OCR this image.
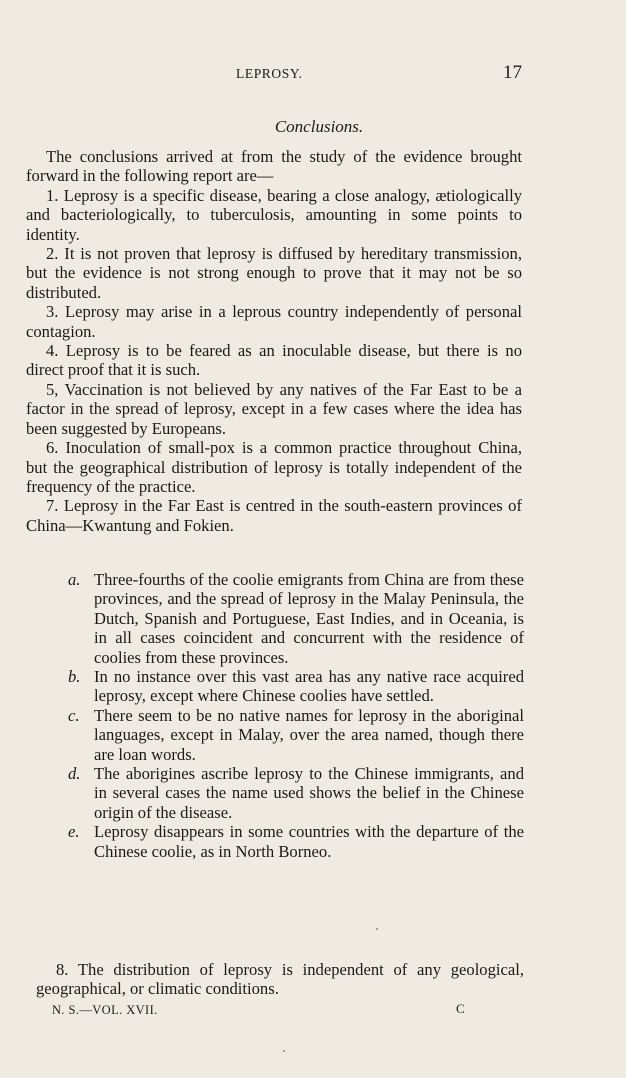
LEPROSY.	17
Conclusions.

The conclusions arrived at from the study of the evidence brought forward in the following report are—

1. Leprosy is a specific disease, bearing a close analogy, ætiologically and bacteriologically, to tuberculosis, amounting in some points to identity.

2. It is not proven that leprosy is diffused by hereditary transmission, but the evidence is not strong enough to prove that it may not be so distributed.

3. Leprosy may arise in a leprous country independently of personal contagion.

4. Leprosy is to be feared as an inoculable disease, but there is no direct proof that it is such.

5, Vaccination is not believed by any natives of the Far East to be a factor in the spread of leprosy, except in a few cases where the idea has been suggested by Europeans.

6. Inoculation of small-pox is a common practice throughout China, but the geographical distribution of leprosy is totally independent of the frequency of the practice.

7. Leprosy in the Far East is centred in the south-eastern provinces of China—Kwantung and Fokien.

a. Three-fourths of the coolie emigrants from China are from these provinces, and the spread of leprosy in the Malay Peninsula, the Dutch, Spanish and Portuguese, East Indies, and in Oceania, is in all cases coincident and concurrent with the residence of coolies from these provinces.
b. In no instance over this vast area has any native race acquired leprosy, except where Chinese coolies have settled.
c. There seem to be no native names for leprosy in the aboriginal languages, except in Malay, over the area named, though there are loan words.
d. The aborigines ascribe leprosy to the Chinese immigrants, and in several cases the name used shows the belief in the Chinese origin of the disease.
e. Leprosy disappears in some countries with the departure of the Chinese coolie, as in North Borneo.

8. The distribution of leprosy is independent of any geological, geographical, or climatic conditions.

N. S.—VOL. XVII.	C
